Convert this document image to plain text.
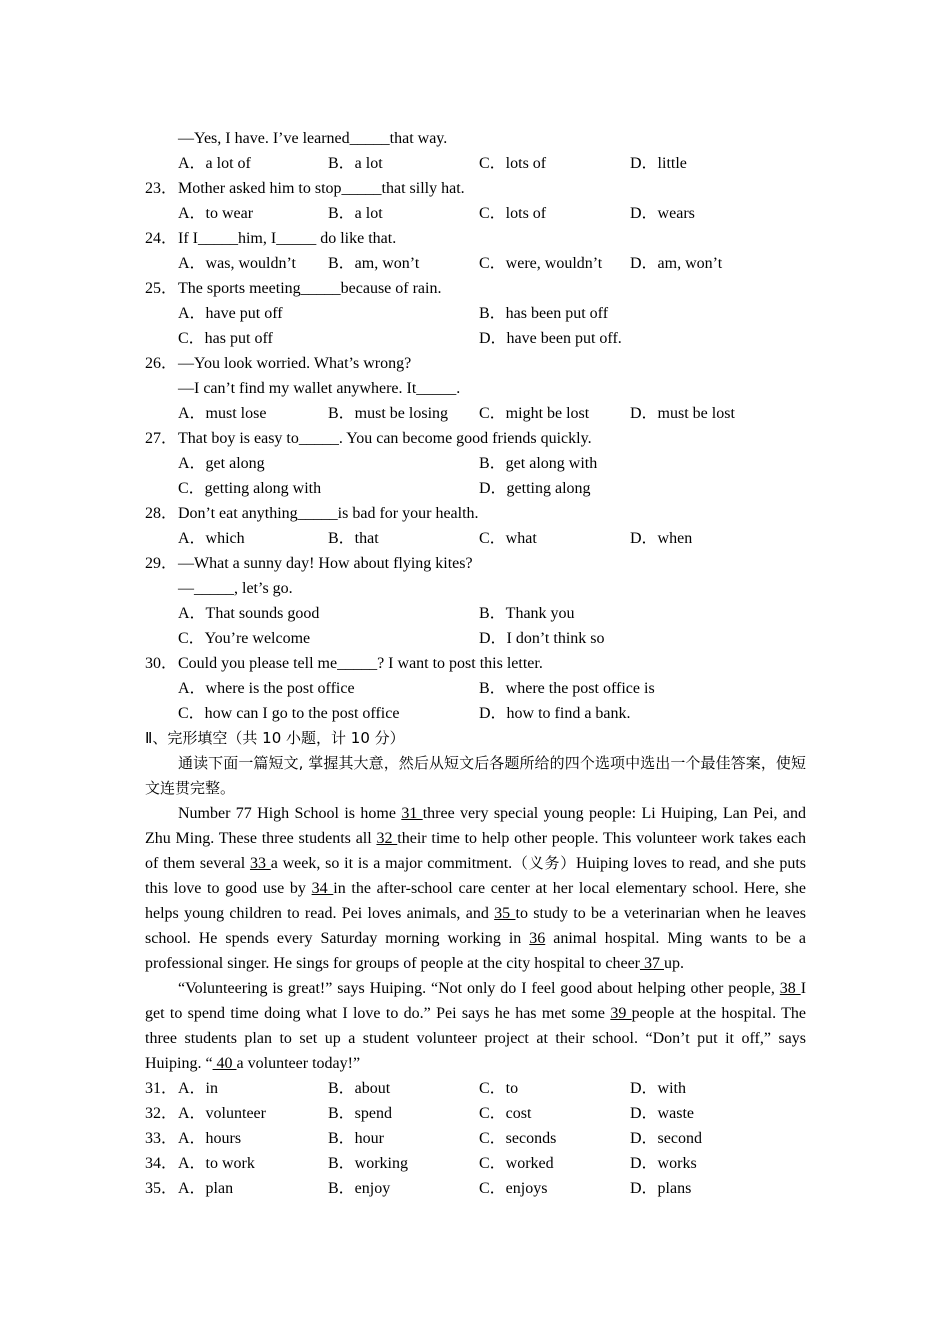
—Yes, I have. I’ve learned_____that way.
A．a lot of	B．a lot	C．lots of	D．little
23． Mother asked him to stop_____that silly hat.
A．to wear	B．a lot	C．lots of	D．wears
24． If I_____him, I_____ do like that.
A．was, wouldn’t B．am, won’t	C．were, wouldn’t D．am, won’t
25． The sports meeting_____because of rain.
A．have put off	B．has been put off
C．has put off	D．have been put off.
26． —You look worried. What’s wrong?
—I can’t find my wallet anywhere. It_____.
A．must lose	B．must be losing C．might be lost	D．must be lost
27． That boy is easy to_____. You can become good friends quickly.
A．get along	B．get along with
C．getting along with	D．getting along
28． Don’t eat anything_____is bad for your health.
A．which	B．that	C．what	D．when
29． —What a sunny day! How about flying kites?
—_____, let’s go.
A．That sounds good	B．Thank you
C．You’re welcome	D．I don’t think so
30． Could you please tell me_____? I want to post this letter.
A．where is the post office	B．where the post office is
C．how can I go to the post office	D．how to find a bank.
Ⅱ、完形填空（共 10 小题，计 10 分）
通读下面一篇短文, 掌握其大意，然后从短文后各题所给的四个选项中选出一个最佳答案，使短文连贯完整。
Number 77 High School is home 31 three very special young people: Li Huiping, Lan Pei, and Zhu Ming. These three students all 32 their time to help other people. This volunteer work takes each of them several 33 a week, so it is a major commitment.（义务）Huiping loves to read, and she puts this love to good use by 34 in the after-school care center at her local elementary school. Here, she helps young children to read. Pei loves animals, and 35 to study to be a veterinarian when he leaves school. He spends every Saturday morning working in 36 animal hospital. Ming wants to be a professional singer. He sings for groups of people at the city hospital to cheer 37 up.
“Volunteering is great!” says Huiping. “Not only do I feel good about helping other people, 38 I get to spend time doing what I love to do.” Pei says he has met some 39 people at the hospital. The three students plan to set up a student volunteer project at their school. “Don’t put it off,” says Huiping. “ 40 a volunteer today!”
31． A．in	B．about	C．to	D．with
32． A．volunteer	B．spend	C．cost	D．waste
33． A．hours	B．hour	C．seconds	D．second
34． A．to work	B．working	C．worked	D．works
35． A．plan	B．enjoy	C．enjoys	D．plans
